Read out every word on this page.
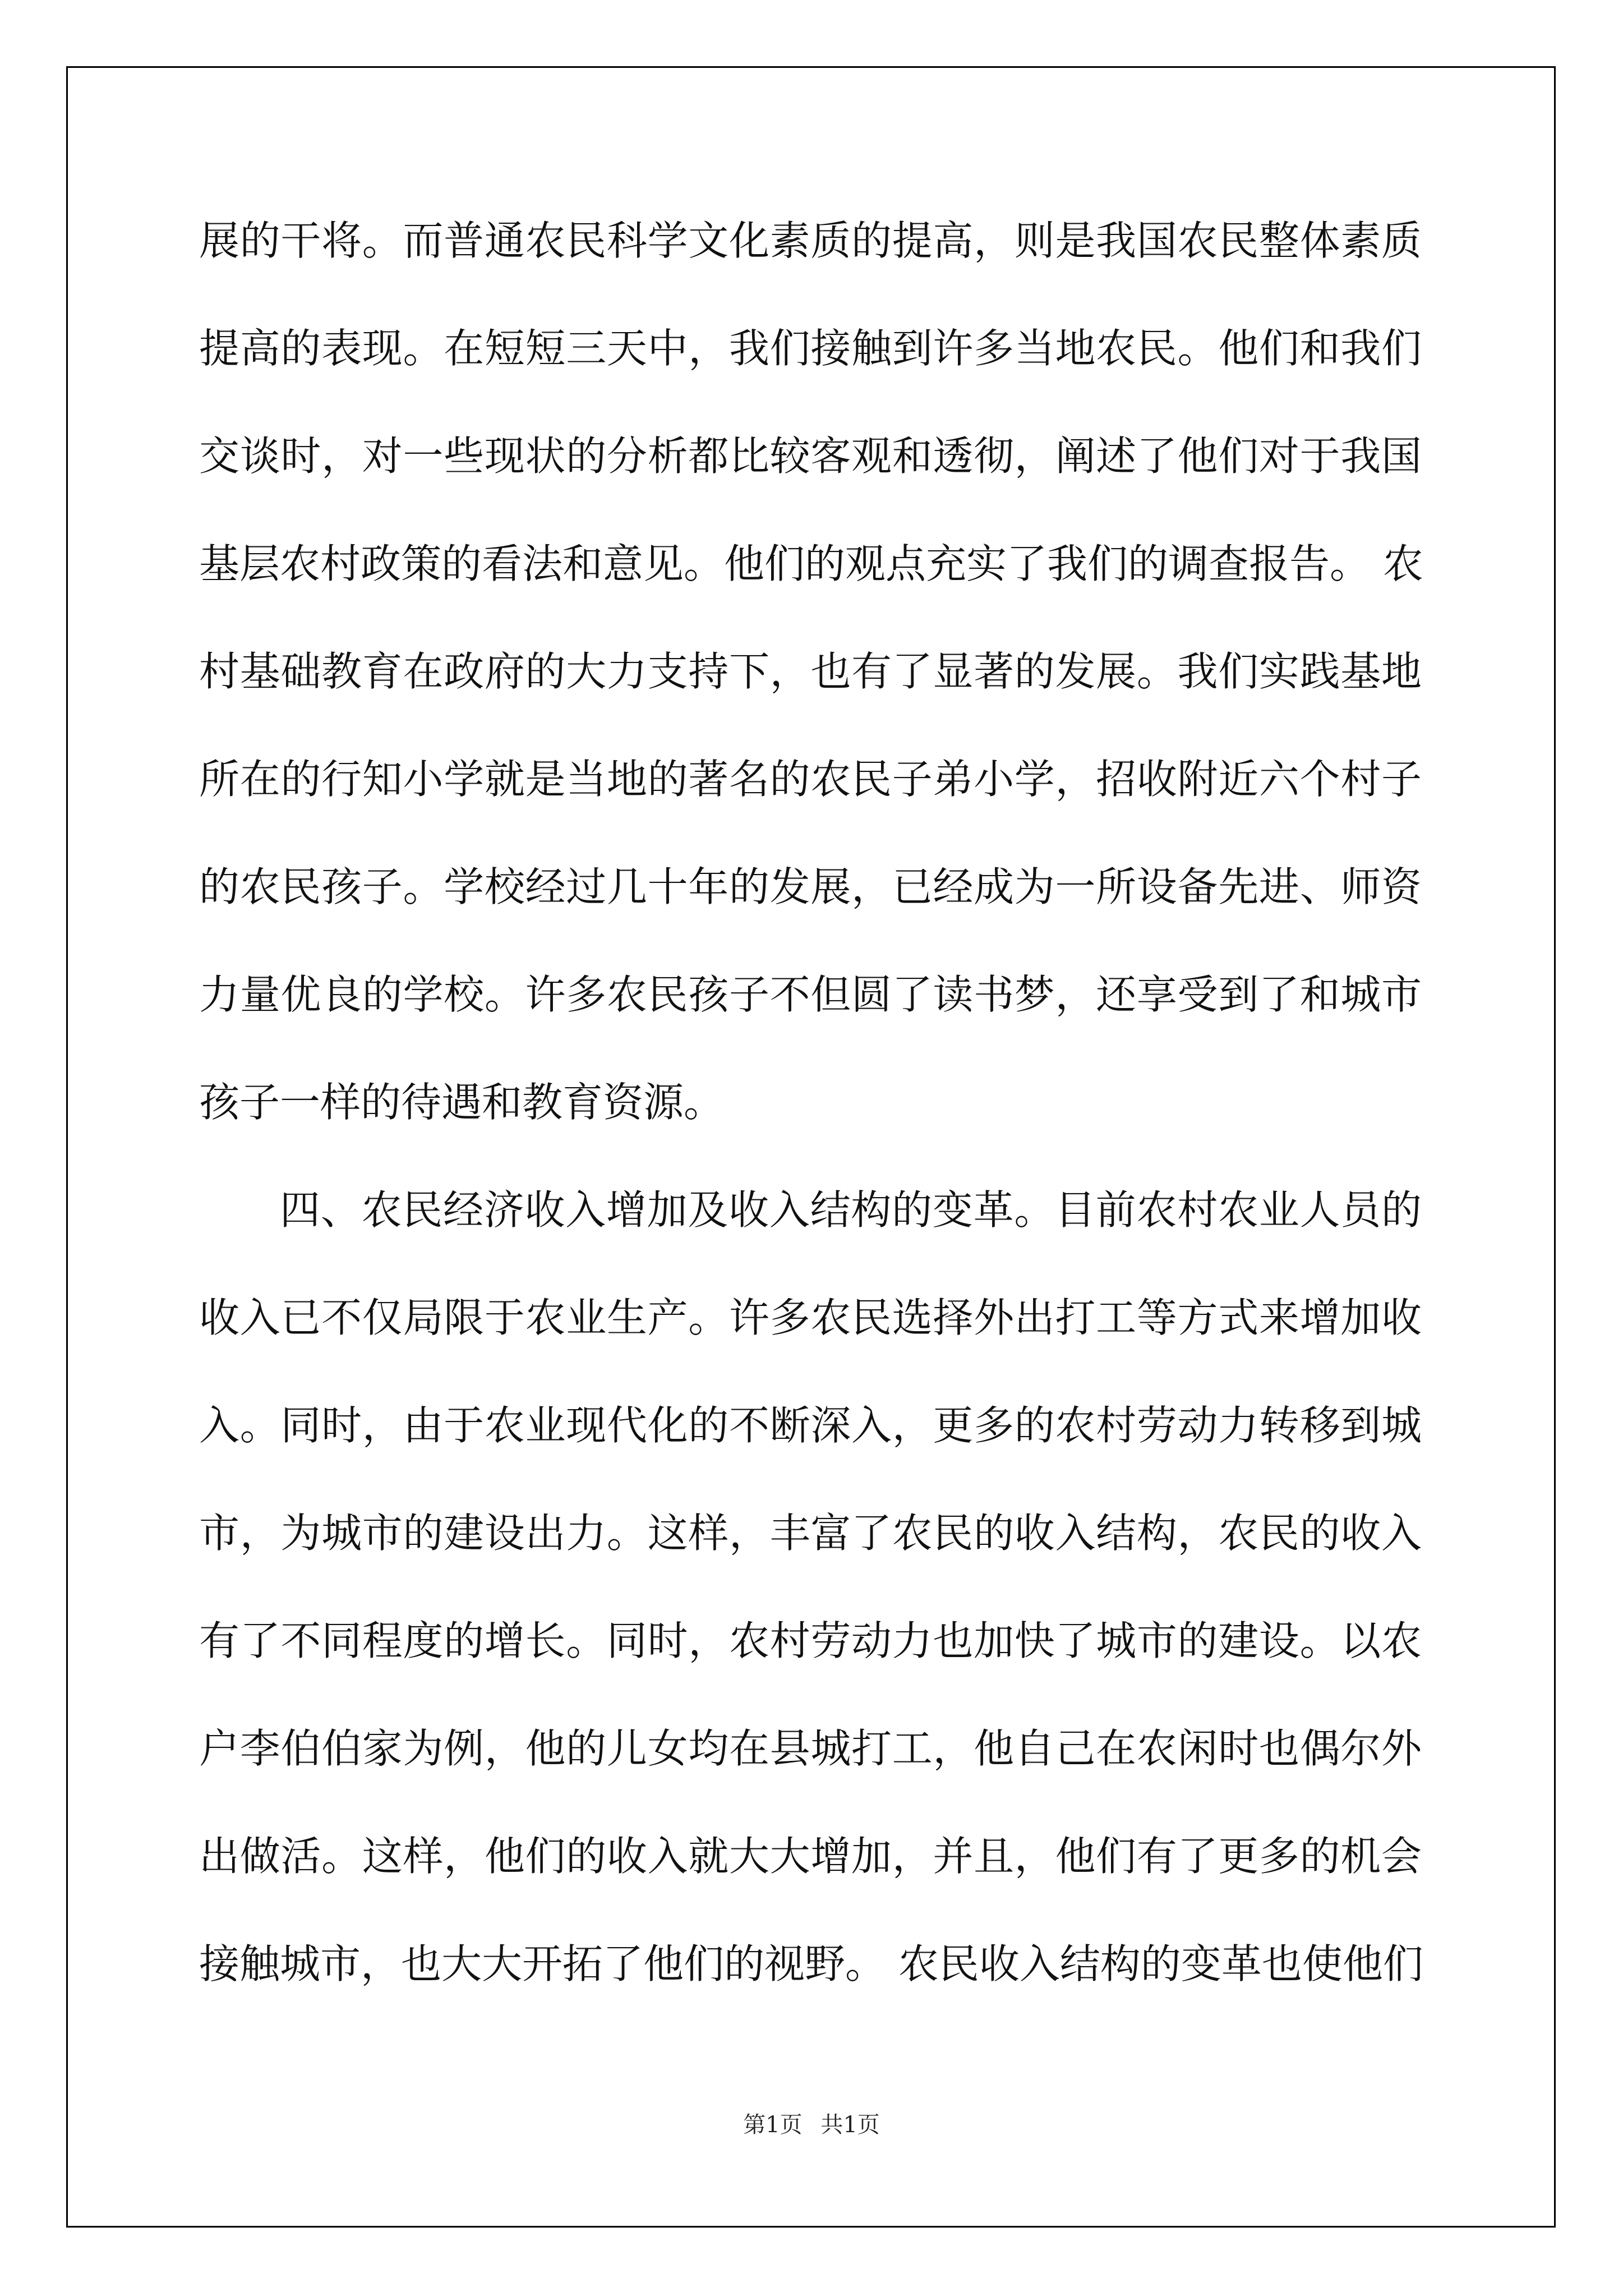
展的干将。而普通农民科学文化素质的提高，则是我国农民整体素质
提高的表现。在短短三天中，我们接触到许多当地农民。他们和我们
交谈时，对一些现状的分析都比较客观和透彻，阐述了他们对于我国
基层农村政策的看法和意见。他们的观点充实了我们的调查报告。 农
村基础教育在政府的大力支持下，也有了显著的发展。我们实践基地
所在的行知小学就是当地的著名的农民子弟小学，招收附近六个村子
的农民孩子。学校经过几十年的发展，已经成为一所设备先进、师资
力量优良的学校。许多农民孩子不但圆了读书梦，还享受到了和城市
孩子一样的待遇和教育资源。
四、农民经济收入增加及收入结构的变革。目前农村农业人员的
收入已不仅局限于农业生产。许多农民选择外出打工等方式来增加收
入。同时，由于农业现代化的不断深入，更多的农村劳动力转移到城
市，为城市的建设出力。这样，丰富了农民的收入结构，农民的收入
有了不同程度的增长。同时，农村劳动力也加快了城市的建设。以农
户李伯伯家为例，他的儿女均在县城打工，他自己在农闲时也偶尔外
出做活。这样，他们的收入就大大增加，并且，他们有了更多的机会
接触城市，也大大开拓了他们的视野。 农民收入结构的变革也使他们
第1页 共1页
